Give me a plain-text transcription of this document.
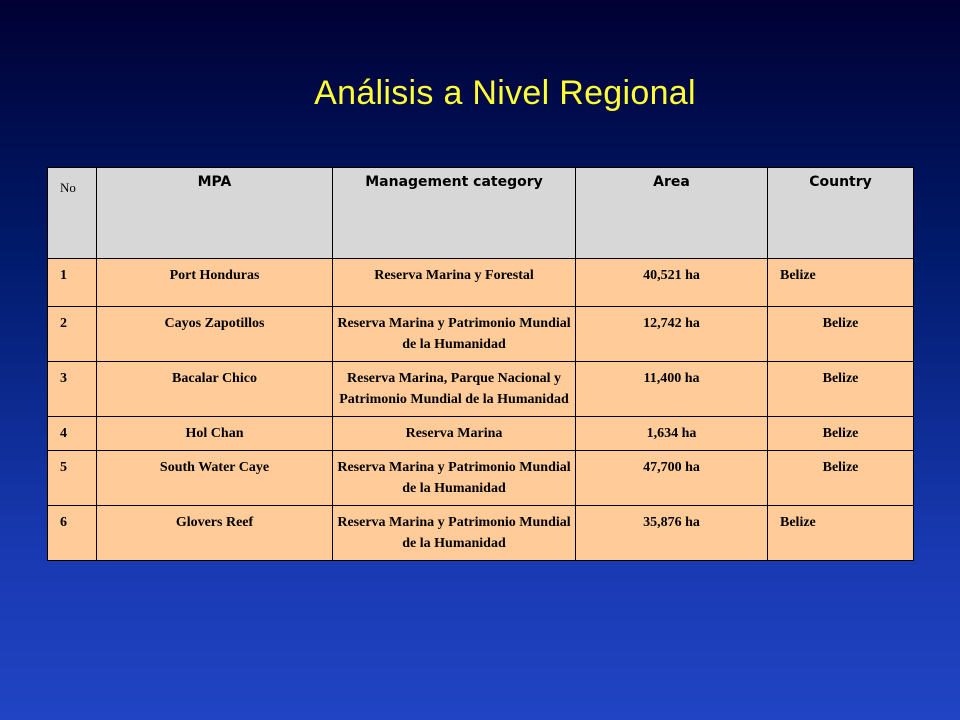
Análisis a Nivel Regional
No	MPA	Management category	Area	Country
1	Port Honduras	Reserva Marina y Forestal	40,521 ha	Belize
2	Cayos Zapotillos	Reserva Marina y Patrimonio Mundial de la Humanidad	12,742 ha	Belize
3	Bacalar Chico	Reserva Marina, Parque Nacional y Patrimonio Mundial de la Humanidad	11,400 ha	Belize
4	Hol Chan	Reserva Marina	1,634 ha	Belize
5	South Water Caye	Reserva Marina y Patrimonio Mundial de la Humanidad	47,700 ha	Belize
6	Glovers Reef	Reserva Marina y Patrimonio Mundial de la Humanidad	35,876 ha	Belize
